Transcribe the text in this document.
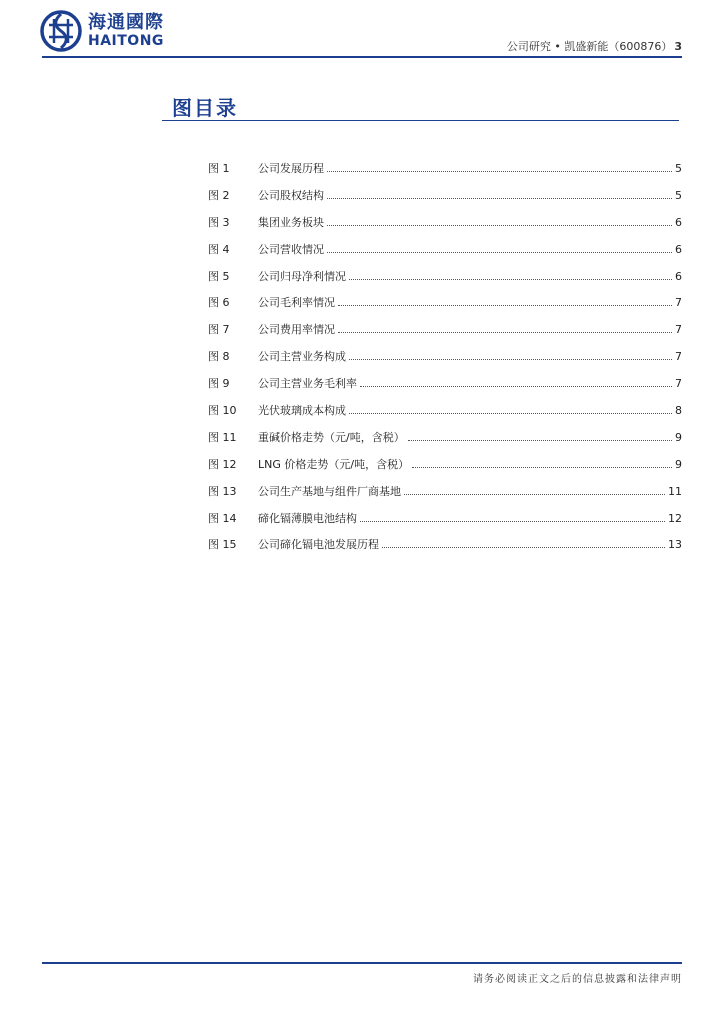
海通國際
HAITONG	公司研究 • 凯盛新能（600876） 3
图目录
图 1	公司发展历程	5
图 2	公司股权结构	5
图 3	集团业务板块	6
图 4	公司营收情况	6
图 5	公司归母净利情况	6
图 6	公司毛利率情况	7
图 7	公司费用率情况	7
图 8	公司主营业务构成	7
图 9	公司主营业务毛利率	7
图 10	光伏玻璃成本构成	8
图 11	重碱价格走势（元/吨，含税）	9
图 12	LNG 价格走势（元/吨，含税）	9
图 13	公司生产基地与组件厂商基地	11
图 14	碲化镉薄膜电池结构	12
图 15	公司碲化镉电池发展历程	13
请务必阅读正文之后的信息披露和法律声明
